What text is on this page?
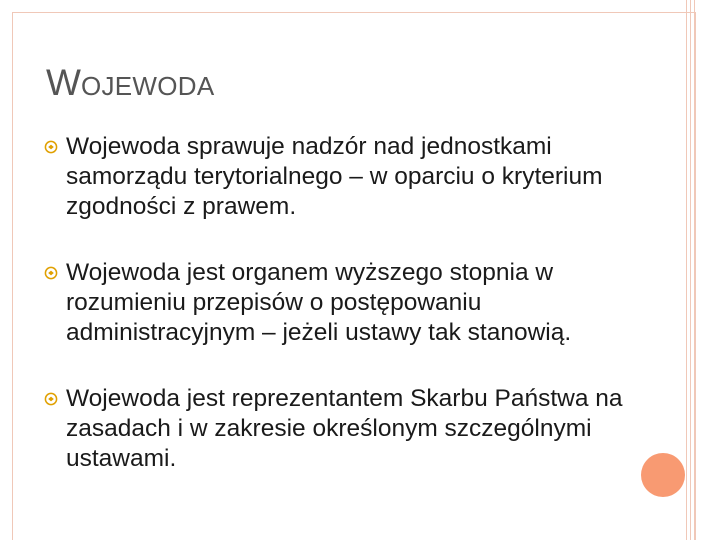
WOJEWODA
Wojewoda sprawuje nadzór nad jednostkami samorządu terytorialnego – w oparciu o kryterium zgodności z prawem.
Wojewoda jest organem wyższego stopnia w rozumieniu przepisów o postępowaniu administracyjnym – jeżeli ustawy tak stanowią.
Wojewoda jest reprezentantem Skarbu Państwa na zasadach i w zakresie określonym szczególnymi ustawami.
